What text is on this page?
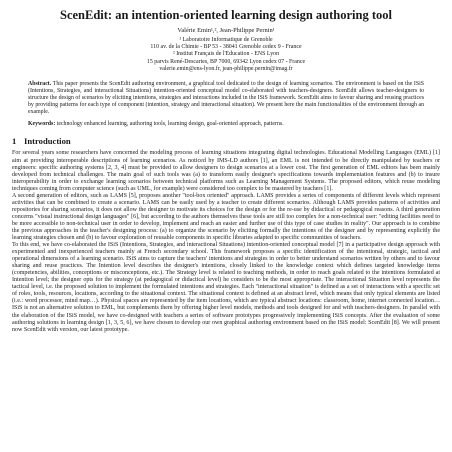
ScenEdit: an intention-oriented learning design authoring tool
Valérie Emin¹,², Jean-Philippe Pernin¹
¹ Laboratoire Informatique de Grenoble
110 av. de la Chimie - BP 53 - 38041 Grenoble cedex 9 - France
² Institut Français de l'Education - ENS Lyon
15 parvis René-Descartes, BP 7000, 69342 Lyon cedex 07 - France
valerie.emin@ens-lyon.fr, jean-philippe.pernin@imag.fr
Abstract. This paper presents the ScenEdit authoring environment, a graphical tool dedicated to the design of learning scenarios. The environment is based on the ISiS (Intentions, Strategies, and interactional Situations) intention-oriented conceptual model co-elaborated with teachers-designers. ScenEdit allows teacher-designers to structure the design of scenarios by eliciting intentions, strategies and interactions included in the ISiS framework. ScenEdit aims to favour sharing and reusing practices by providing patterns for each type of component (intention, strategy and interactional situation). We present here the main functionalities of the environment through an example.
Keywords: technology enhanced learning, authoring tools, learning design, goal-oriented approach, patterns.
1 Introduction

For several years some researchers have concerned the modeling process of learning situations integrating digital technologies. Educational Modelling Languages (EML) [1] aim at providing interoperable descriptions of learning scenarios. As noticed by IMS-LD authors [1], an EML is not intended to be directly manipulated by teachers or engineers: specific authoring systems [2, 3, 4] must be provided to allow designers to design scenarios at a lower cost. The first generation of EML editors has been mainly developed from technical challenges. The main goal of such tools was (a) to transform easily designer's specifications towards implementation features and (b) to insure interoperability in order to exchange learning scenarios between technical platforms such as Learning Management Systems. The proposed editors, which reuse modeling techniques coming from computer science (such as UML, for example) were considered too complex to be mastered by teachers [1].

A second generation of editors, such as LAMS [5], proposes another "tool-box oriented" approach. LAMS provides a series of components of different levels which represent activities that can be combined to create a scenario. LAMS can be easily used by a teacher to create different scenarios. Although LAMS provides patterns of activities and repositories for sharing scenarios, it does not allow the designer to motivate its choices for the design or for the re-use by didactical or pedagogical reasons. A third generation concerns "visual instructional design languages" [6], but according to the authors themselves these tools are still too complex for a non-technical user: "editing facilities need to be more accessible to non-technical user in order to develop, implement and reach an easier and further use of this type of case studies in reality". Our approach is to combine the previous approaches in the teacher's designing process: (a) to organize the scenario by eliciting formally the intentions of the designer and by representing explicitly the learning strategies chosen and (b) to favour exploration of reusable components in specific libraries adapted to specific communities of teachers.

To this end, we have co-elaborated the ISiS (Intentions, Strategies, and interactional Situations) intention-oriented conceptual model [7] in a participative design approach with experimented and inexperienced teachers mainly at French secondary school. This framework proposes a specific identification of the intentional, strategic, tactical and operational dimensions of a learning scenario. ISiS aims to capture the teachers' intentions and strategies in order to better understand scenarios written by others and to favour sharing and reuse practices. The Intention level describes the designer's intentions, closely linked to the knowledge context which defines targeted knowledge items (competencies, abilities, conceptions or misconceptions, etc.). The Strategy level is related to teaching methods, in order to reach goals related to the intentions formulated at Intention level; the designer opts for the strategy (at pedagogical or didactical level) he considers to be the most appropriate. The interactional Situation level represents the tactical level, i.e. the proposed solution to implement the formulated intentions and strategies. Each "interactional situation" is defined as a set of interactions with a specific set of roles, tools, resources, locations, according to the situational context. The situational context is defined at an abstract level, which means that only typical elements are listed (i.e.: word processor, mind map…). Physical spaces are represented by the item locations, which are typical abstract locations: classroom, home, internet connected location… ISiS is not an alternative solution to EML, but complements them by offering higher level models, methods and tools designed for and with teachers-designers. In parallel with the elaboration of the ISiS model, we have co-designed with teachers a series of software prototypes progressively implementing ISiS concepts. After the evaluation of some authoring solutions in learning design [1, 3, 5, 6], we have chosen to develop our own graphical authoring environment based on the ISiS model: ScenEdit [8]. We will present now ScenEdit with version, our latest prototype.
